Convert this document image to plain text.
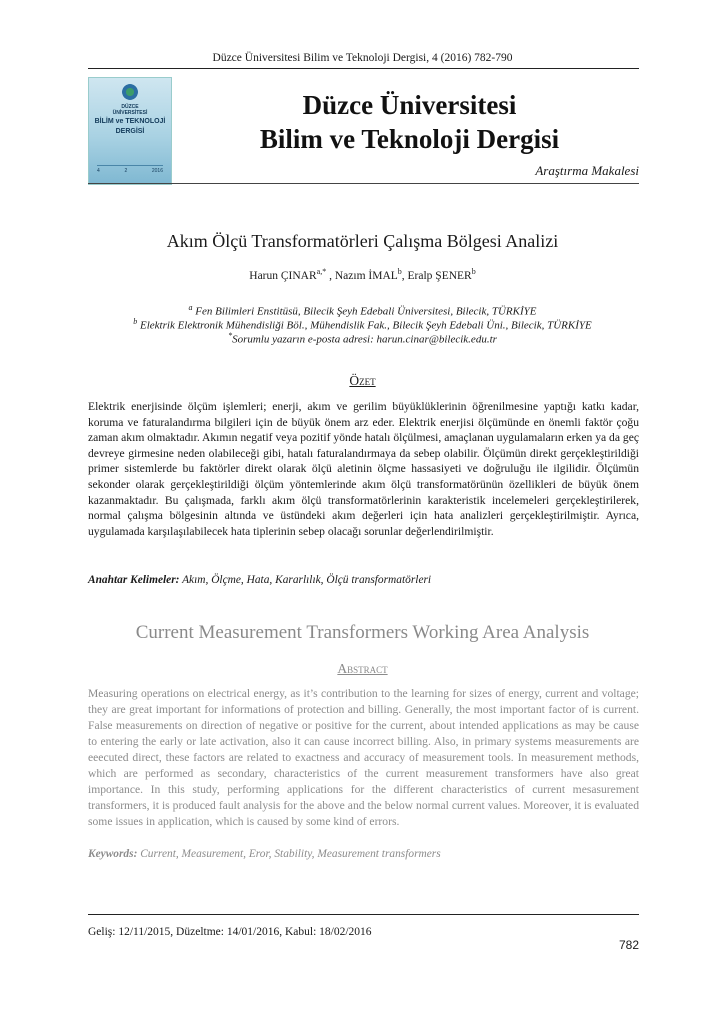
Düzce Üniversitesi Bilim ve Teknoloji Dergisi, 4 (2016) 782-790
DÜZCE
ÜNİVERSİTESİ
BİLİM ve TEKNOLOJİ
DERGİSİ
4	2	2016
Düzce Üniversitesi
Bilim ve Teknoloji Dergisi
Araştırma Makalesi
Akım Ölçü Transformatörleri Çalışma Bölgesi Analizi
Harun $ÇINAR^{a,*}$ , Nazım İMAL$^b$, Eralp ŞENER$^b$
$^a$ Fen Bilimleri Enstitüsü, Bilecik Şeyh Edebali Üniversitesi, Bilecik, TÜRKİYE
$^b$ Elektrik Elektronik Mühendisliği Böl., Mühendislik Fak., Bilecik Şeyh Edebali Üni., Bilecik, TÜRKİYE
*Sorumlu yazarın e-posta adresi: harun.cinar@bilecik.edu.tr
Özet
Elektrik enerjisinde ölçüm işlemleri; enerji, akım ve gerilim büyüklüklerinin öğrenilmesine yaptığı katkı kadar, koruma ve faturalandırma bilgileri için de büyük önem arz eder. Elektrik enerjisi ölçümünde en önemli faktör çoğu zaman akım olmaktadır. Akımın negatif veya pozitif yönde hatalı ölçülmesi, amaçlanan uygulamaların erken ya da geç devreye girmesine neden olabileceği gibi, hatalı faturalandırmaya da sebep olabilir. Ölçümün direkt gerçekleştirildiği primer sistemlerde bu faktörler direkt olarak ölçü aletinin ölçme hassasiyeti ve doğruluğu ile ilgilidir. Ölçümün sekonder olarak gerçekleştirildiği ölçüm yöntemlerinde akım ölçü transformatörünün özellikleri de büyük önem kazanmaktadır. Bu çalışmada, farklı akım ölçü transformatörlerinin karakteristik incelemeleri gerçekleştirilerek, normal çalışma bölgesinin altında ve üstündeki akım değerleri için hata analizleri gerçekleştirilmiştir. Ayrıca, uygulamada karşılaşılabilecek hata tiplerinin sebep olacağı sorunlar değerlendirilmiştir.
Anahtar Kelimeler: Akım, Ölçme, Hata, Kararlılık, Ölçü transformatörleri
Current Measurement Transformers Working Area Analysis
Abstract
Measuring operations on electrical energy, as it’s contribution to the learning for sizes of energy, current and voltage; they are great important for informations of protection and billing. Generally, the most important factor of is current. False measurements on direction of negative or positive for the current, about intended applications as may be cause to entering the early or late activation, also it can cause incorrect billing. Also, in primary systems measurements are eeecuted direct, these factors are related to exactness and accuracy of measurement tools. In measurement methods, which are performed as secondary, characteristics of the current measurement transformers have also great importance. In this study, performing applications for the different characteristics of current mesasurement transformers, it is produced fault analysis for the above and the below normal current values. Moreover, it is evaluated some issues in application, which is caused by some kind of errors.
Keywords: Current, Measurement, Eror, Stability, Measurement transformers
Geliş: 12/11/2015, Düzeltme: 14/01/2016, Kabul: 18/02/2016
782
